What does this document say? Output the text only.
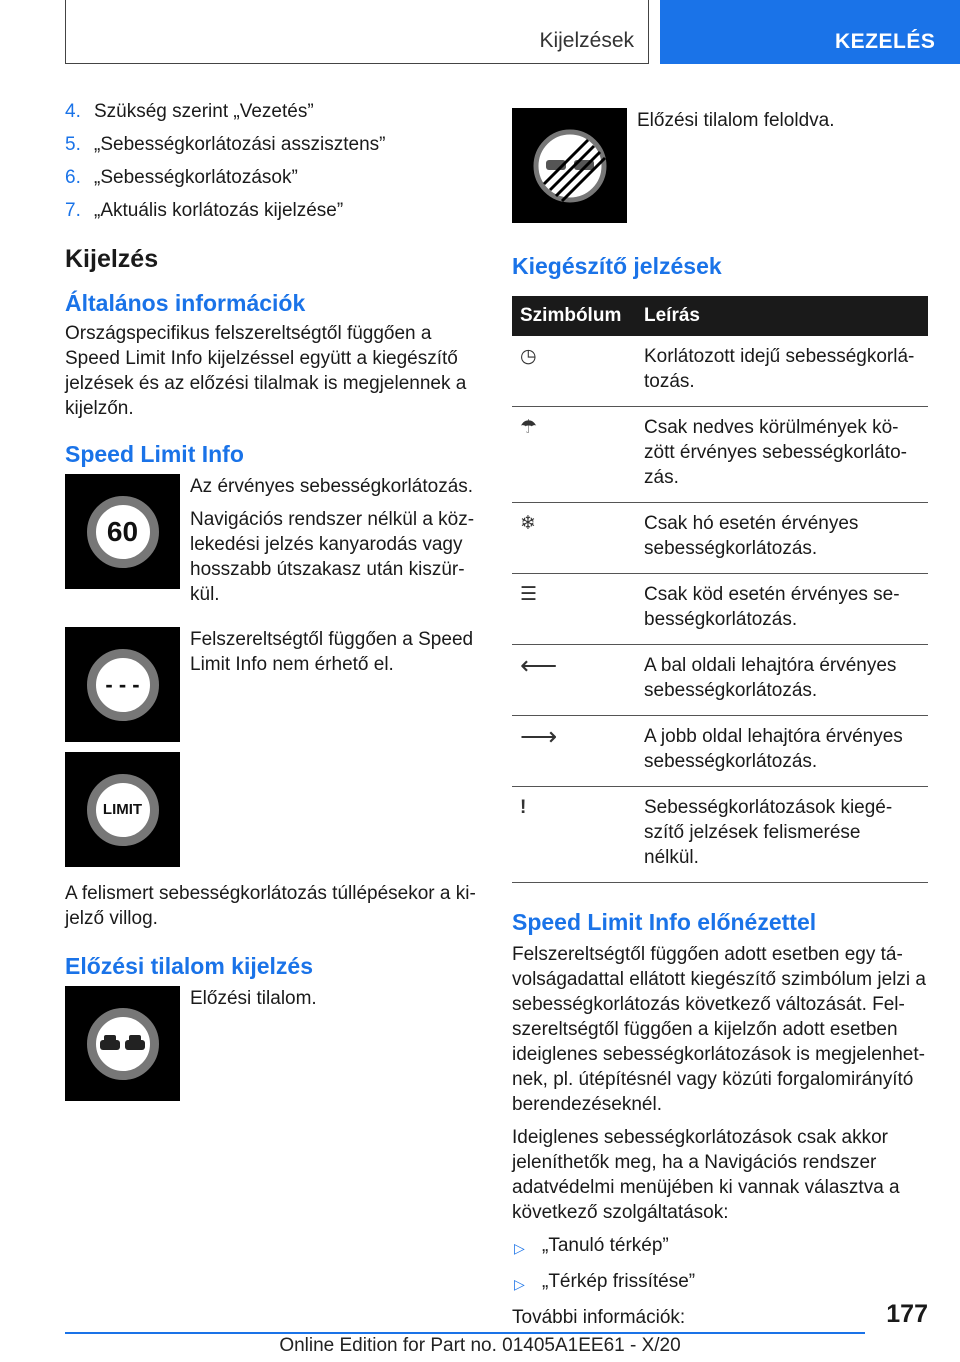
Kijelzések	KEZELÉS
4. Szükség szerint „Vezetés”
5. „Sebességkorlátozási asszisztens”
6. „Sebességkorlátozások”
7. „Aktuális korlátozás kijelzése”
Kijelzés
Általános információk

Országspecifikus felszereltségtől függően a Speed Limit Info kijelzéssel együtt a kiegészítő jelzések és az előzési tilalmak is megjelennek a kijelzőn.

Speed Limit Info
60

Az érvényes sebességkorlátozás.

Navigációs rendszer nélkül a közlekedési jelzés kanyarodás vagy hosszabb útszakasz után kiszürkül.

- - -

Felszereltségtől függően a Speed Limit Info nem érhető el.

LIMIT

A felismert sebességkorlátozás túllépésekor a kijelző villog.

Előzési tilalom kijelzés

Előzési tilalom.

Előzési tilalom feloldva.

Kiegészítő jelzések
Szimbólum	Leírás
◷	Korlátozott idejű sebességkorlátozás.
☂	Csak nedves körülmények között érvényes sebességkorlátozás.
❄	Csak hó esetén érvényes sebességkorlátozás.
☰	Csak köd esetén érvényes sebességkorlátozás.
⟵	A bal oldali lehajtóra érvényes sebességkorlátozás.
⟶	A jobb oldal lehajtóra érvényes sebességkorlátozás.
!	Sebességkorlátozások kiegészítő jelzések felismerése nélkül.
Speed Limit Info előnézettel

Felszereltségtől függően adott esetben egy távolságadattal ellátott kiegészítő szimbólum jelzi a sebességkorlátozás következő változását. Felszereltségtől függően a kijelzőn adott esetben ideiglenes sebességkorlátozások is megjelenhetnek, pl. útépítésnél vagy közúti forgalomirányító berendezéseknél.

Ideiglenes sebességkorlátozások csak akkor jeleníthetők meg, ha a Navigációs rendszer adatvédelmi menüjében ki vannak választva a következő szolgáltatások:

▷ „Tanuló térkép”
▷ „Térkép frissítése”

További információk:	177
Online Edition for Part no. 01405A1EE61 - X/20
